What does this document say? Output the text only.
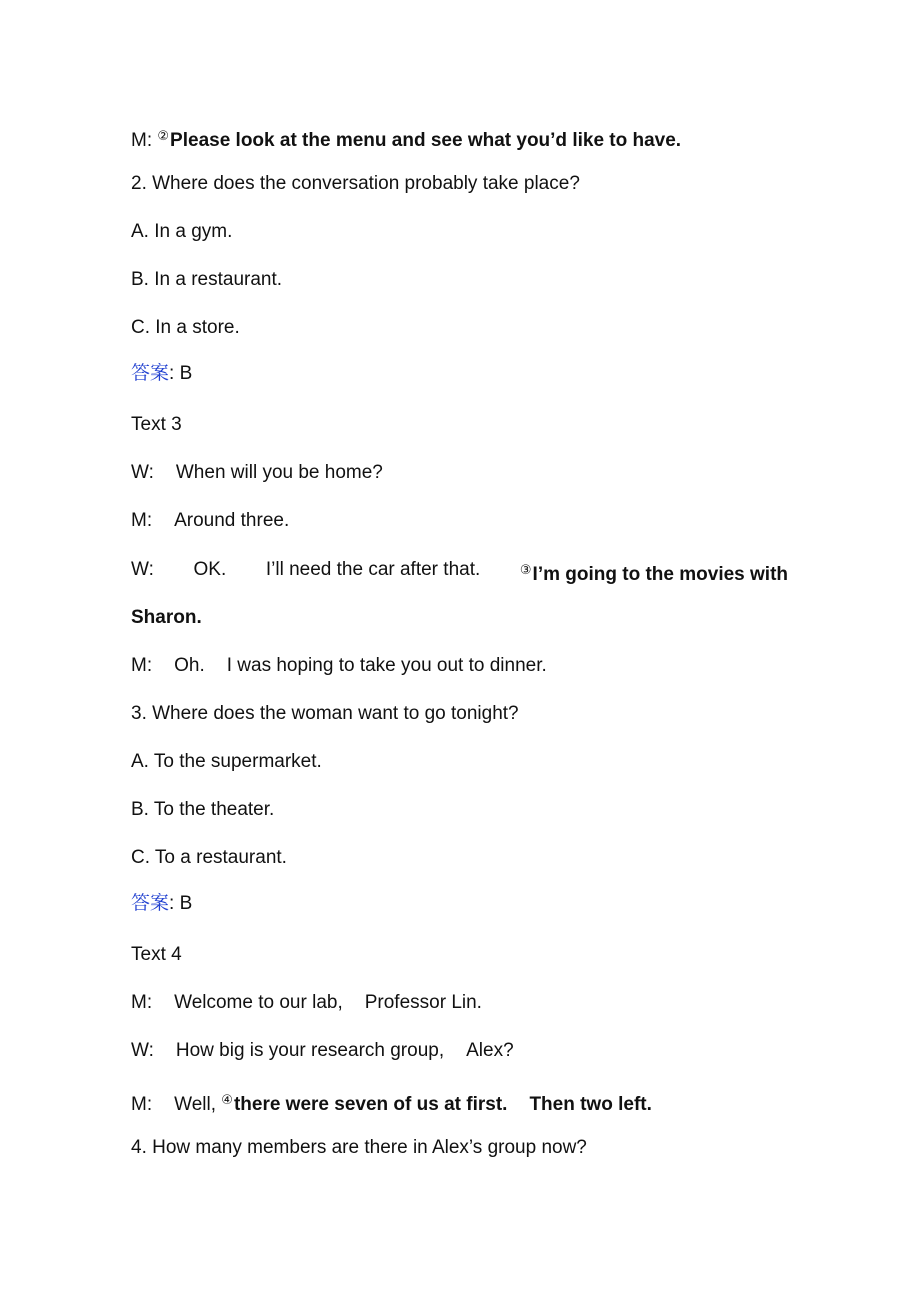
M: ②Please look at the menu and see what you’d like to have.
2. Where does the conversation probably take place?
A. In a gym.
B. In a restaurant.
C. In a store.
答案: B
Text 3
W: When will you be home?
M: Around three.
W: OK. I’ll need the car after that.	③I’m going to the movies with
Sharon.
M: Oh. I was hoping to take you out to dinner.
3. Where does the woman want to go tonight?
A. To the supermarket.
B. To the theater.
C. To a restaurant.
答案: B
Text 4
M: Welcome to our lab, Professor Lin.
W: How big is your research group, Alex?
M: Well, ④there were seven of us at first. Then two left.
4. How many members are there in Alex’s group now?
